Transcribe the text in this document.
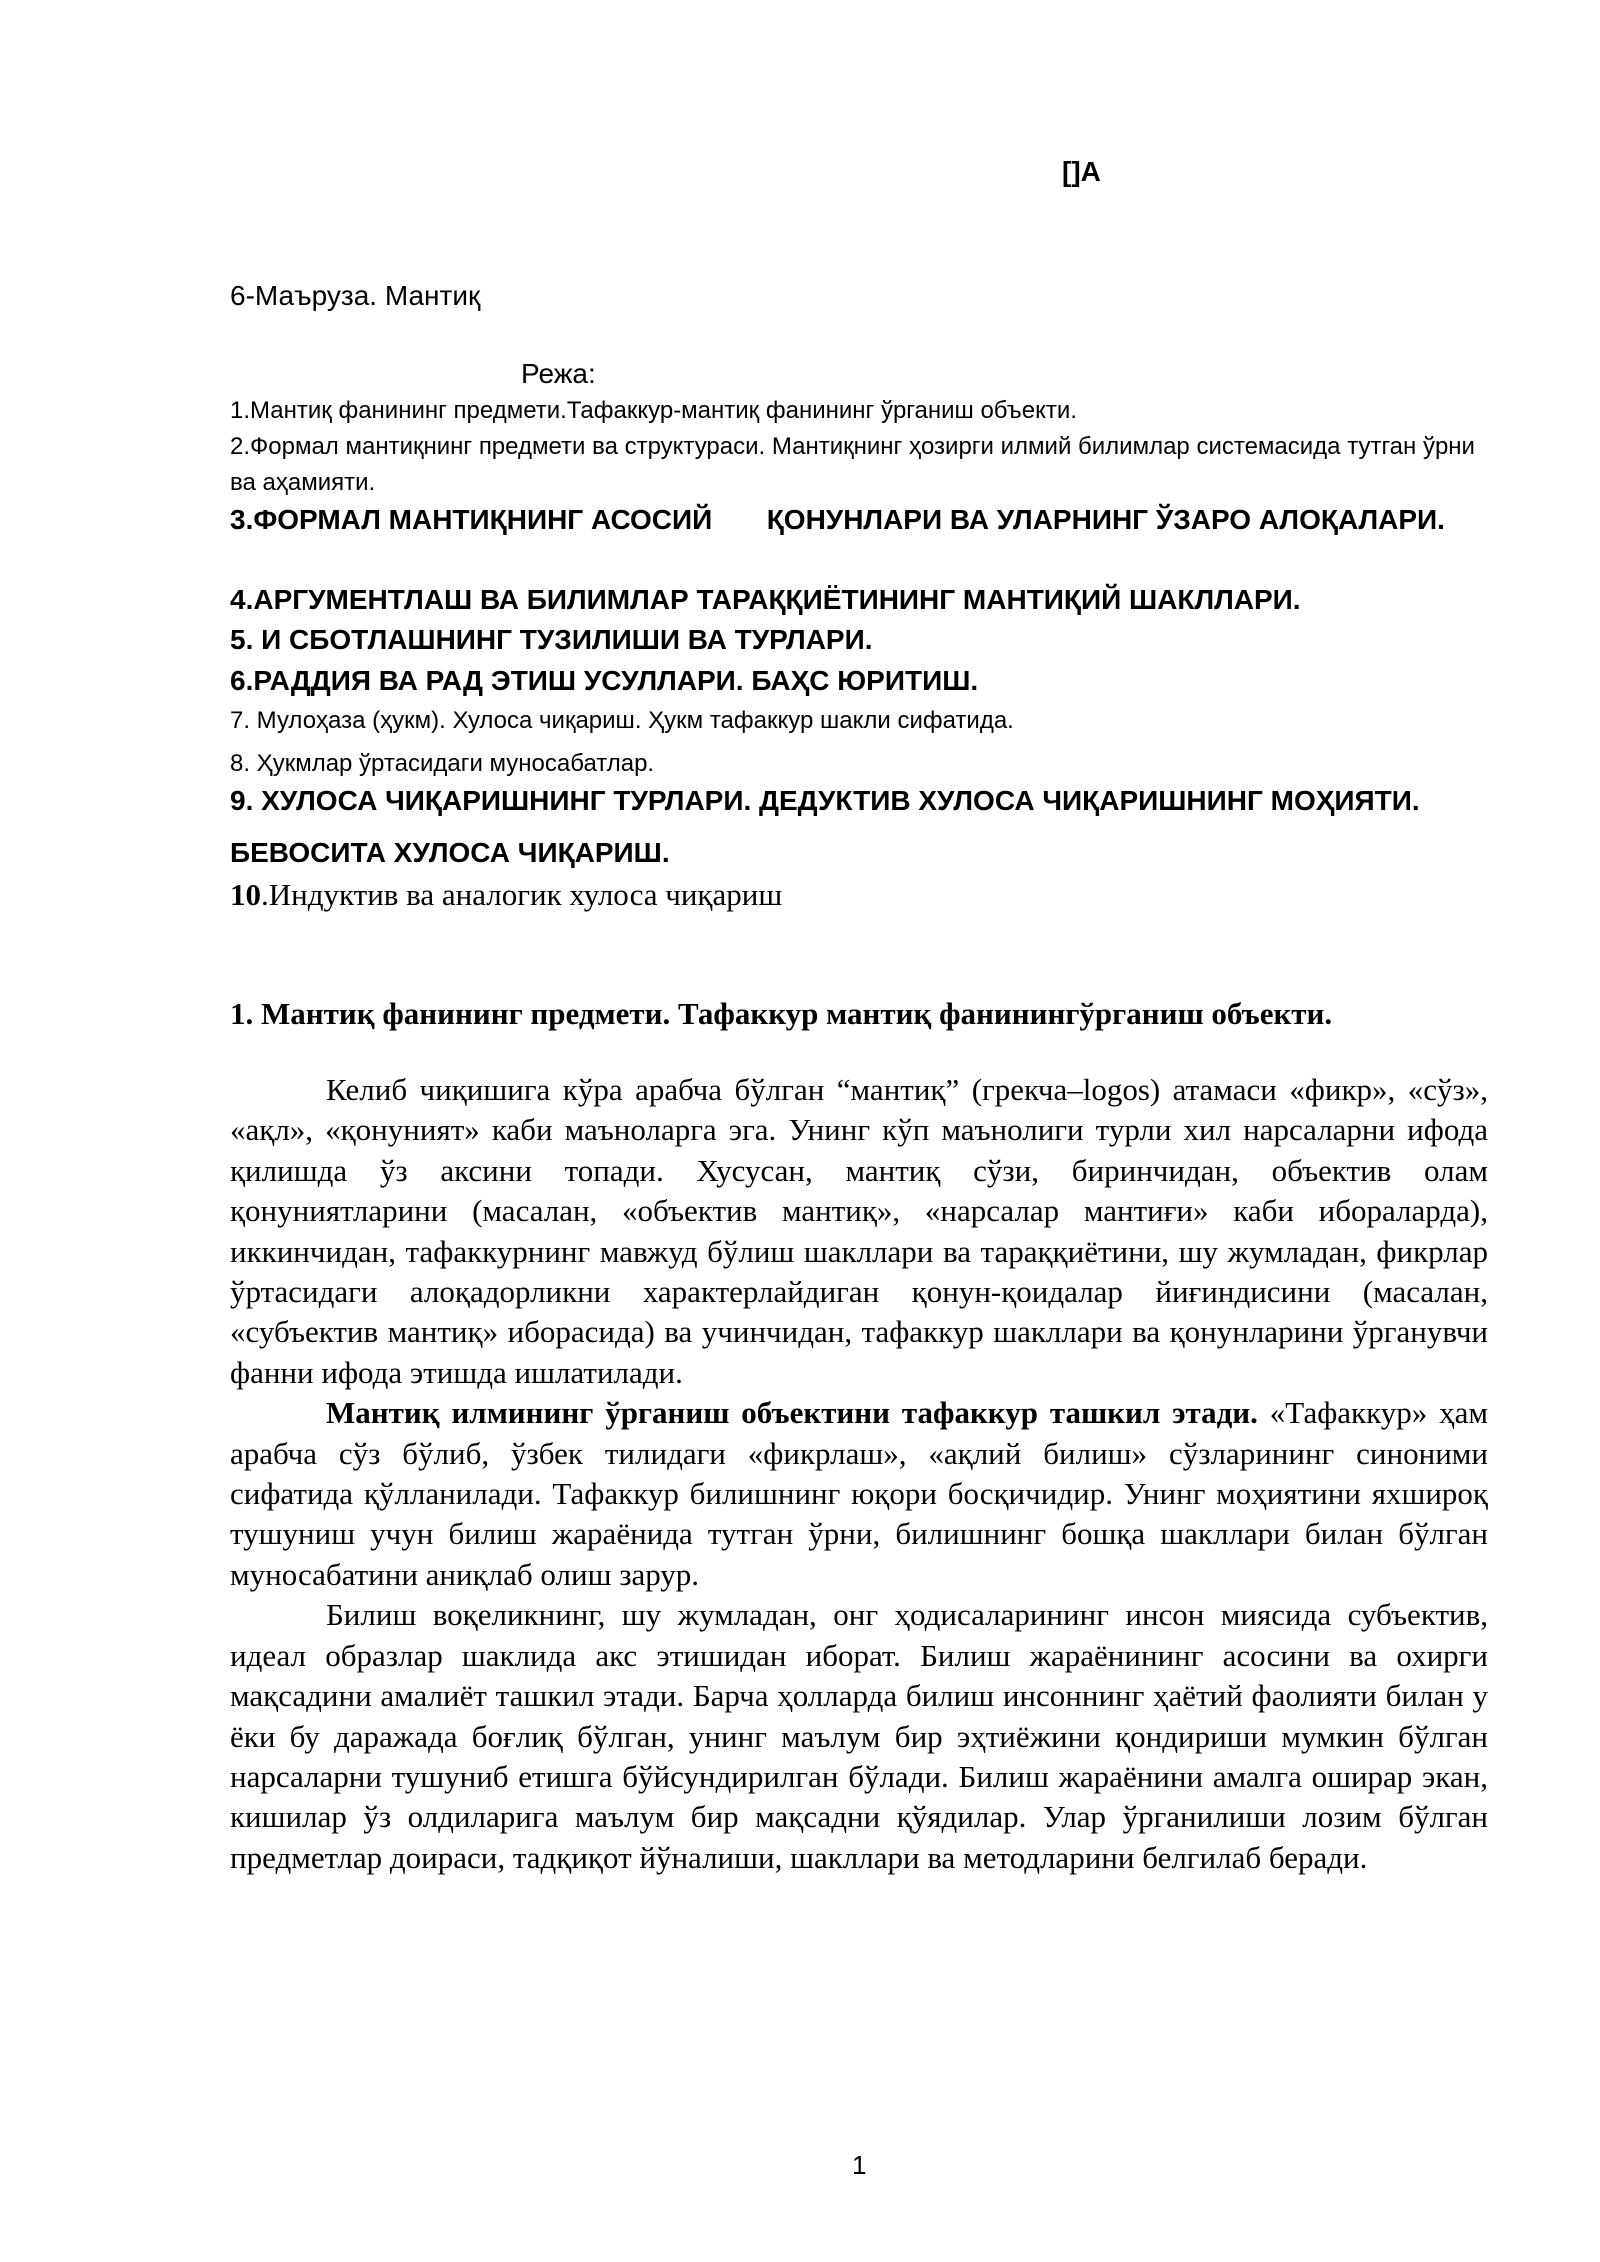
[]А
6-Маъруза. Мантиқ
Режа:
1.Мантиқ фанининг предмети.Тафаккур-мантиқ фанининг ўрганиш объекти.
2.Формал мантиқнинг предмети ва структураси. Мантиқнинг ҳозирги илмий билимлар системасида тутган ўрни ва аҳамияти.
3.ФОРМАЛ МАНТИҚНИНГ АСОСИЙ       ҚОНУНЛАРИ ВА УЛАРНИНГ ЎЗАРО АЛОҚАЛАРИ.
4.АРГУМЕНТЛАШ ВА БИЛИМЛАР ТАРАҚҚИЁТИНИНГ МАНТИҚИЙ ШАКЛЛАРИ.
5. И СБОТЛАШНИНГ ТУЗИЛИШИ ВА ТУРЛАРИ.
6.РАДДИЯ ВА РАД ЭТИШ УСУЛЛАРИ. БАҲС ЮРИТИШ.
7. Мулоҳаза (ҳукм). Хулоса чиқариш. Ҳукм тафаккур шакли сифатида.
8. Ҳукмлар ўртасидаги муносабатлар.
9. ХУЛОСА ЧИҚАРИШНИНГ ТУРЛАРИ. ДЕДУКТИВ ХУЛОСА ЧИҚАРИШНИНГ МОҲИЯТИ. БЕВОСИТА ХУЛОСА ЧИҚАРИШ.
10.Индуктив ва аналогик хулоса чиқариш
1. Мантиқ фанининг предмети. Тафаккур мантиқ фанинингўрганиш объекти.

Келиб чиқишига кўра арабча бўлган “мантиқ” (грекча–logos) атамаси «фикр», «сўз», «ақл», «қонуният» каби маъноларга эга. Унинг кўп маънолиги турли хил нарсаларни ифода қилишда ўз аксини топади. Хусусан, мантиқ сўзи, биринчидан, объектив олам қонуниятларини (масалан, «объектив мантиқ», «нарсалар мантиғи» каби ибораларда), иккинчидан, тафаккурнинг мавжуд бўлиш шакллари ва тараққиётини, шу жумладан, фикрлар ўртасидаги алоқадорликни характерлайдиган қонун-қоидалар йиғиндисини (масалан, «субъектив мантиқ» иборасида) ва учинчидан, тафаккур шакллари ва қонунларини ўрганувчи фанни ифода этишда ишлатилади.

Мантиқ илмининг ўрганиш объектини тафаккур ташкил этади. «Тафаккур» ҳам арабча сўз бўлиб, ўзбек тилидаги «фикрлаш», «ақлий билиш» сўзларининг синоними сифатида қўлланилади. Тафаккур билишнинг юқори босқичидир. Унинг моҳиятини яхшироқ тушуниш учун билиш жараёнида тутган ўрни, билишнинг бошқа шакллари билан бўлган муносабатини аниқлаб олиш зарур.

Билиш воқеликнинг, шу жумладан, онг ҳодисаларининг инсон миясида субъектив, идеал образлар шаклида акс этишидан иборат. Билиш жараёнининг асосини ва охирги мақсадини амалиёт ташкил этади. Барча ҳолларда билиш инсоннинг ҳаётий фаолияти билан у ёки бу даражада боғлиқ бўлган, унинг маълум бир эҳтиёжини қондириши мумкин бўлган нарсаларни тушуниб етишга бўйсундирилган бўлади. Билиш жараёнини амалга оширар экан, кишилар ўз олдиларига маълум бир мақсадни қўядилар. Улар ўрганилиши лозим бўлган предметлар доираси, тадқиқот йўналиши, шакллари ва методларини белгилаб беради.

1
